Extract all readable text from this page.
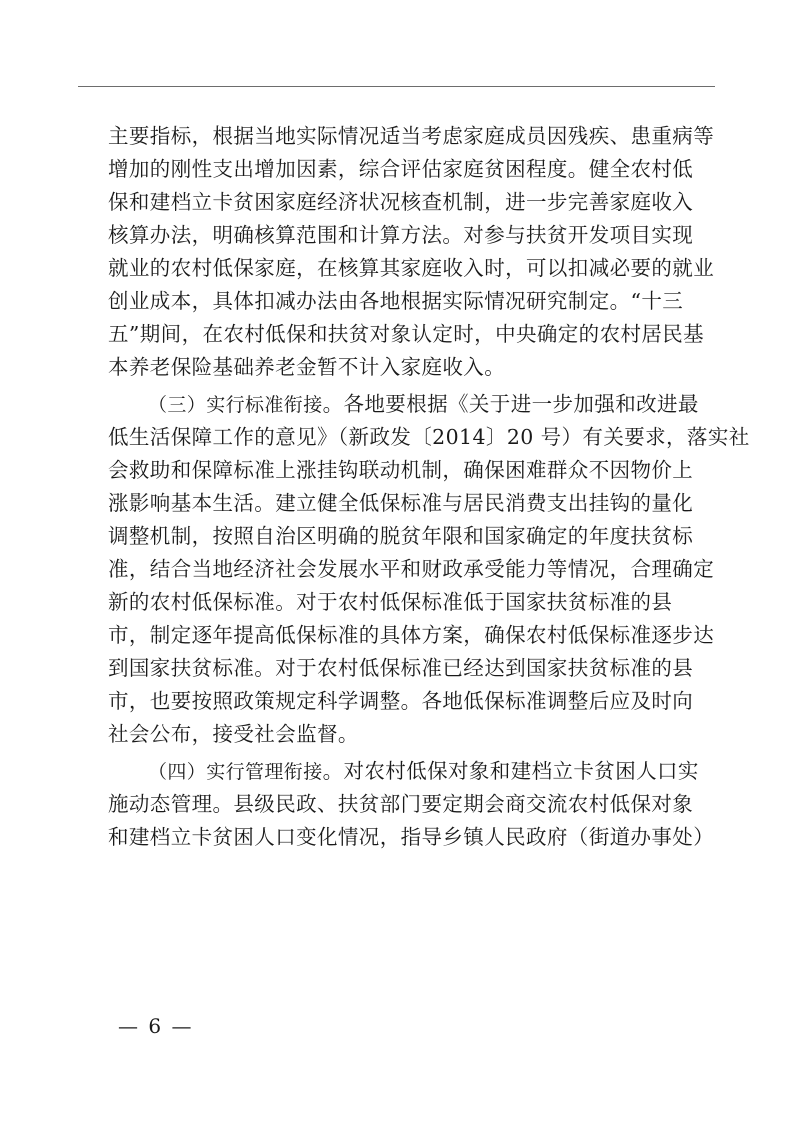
主要指标，根据当地实际情况适当考虑家庭成员因残疾、患重病等
增加的刚性支出增加因素，综合评估家庭贫困程度。健全农村低
保和建档立卡贫困家庭经济状况核查机制，进一步完善家庭收入
核算办法，明确核算范围和计算方法。对参与扶贫开发项目实现
就业的农村低保家庭，在核算其家庭收入时，可以扣减必要的就业
创业成本，具体扣减办法由各地根据实际情况研究制定。“十三
五”期间，在农村低保和扶贫对象认定时，中央确定的农村居民基
本养老保险基础养老金暂不计入家庭收入。
（三）实行标准衔接。各地要根据《关于进一步加强和改进最
低生活保障工作的意见》（新政发〔2014〕20 号）有关要求，落实社
会救助和保障标准上涨挂钩联动机制，确保困难群众不因物价上
涨影响基本生活。建立健全低保标准与居民消费支出挂钩的量化
调整机制，按照自治区明确的脱贫年限和国家确定的年度扶贫标
准，结合当地经济社会发展水平和财政承受能力等情况，合理确定
新的农村低保标准。对于农村低保标准低于国家扶贫标准的县
市，制定逐年提高低保标准的具体方案，确保农村低保标准逐步达
到国家扶贫标准。对于农村低保标准已经达到国家扶贫标准的县
市，也要按照政策规定科学调整。各地低保标准调整后应及时向
社会公布，接受社会监督。
（四）实行管理衔接。对农村低保对象和建档立卡贫困人口实
施动态管理。县级民政、扶贫部门要定期会商交流农村低保对象
和建档立卡贫困人口变化情况，指导乡镇人民政府（街道办事处）
— 6 —
